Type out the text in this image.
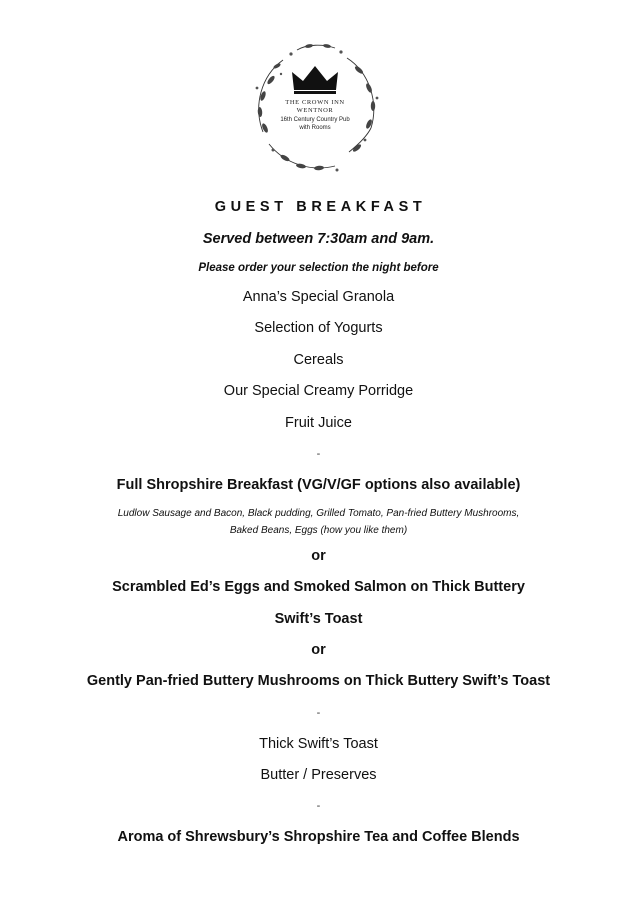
THE CROWN INN
WENTNOR
16th Century Country Pub
with Rooms
GUEST BREAKFAST
Served between 7:30am and 9am.
Please order your selection the night before
Anna’s Special Granola
Selection of Yogurts
Cereals
Our Special Creamy Porridge
Fruit Juice
-
Full Shropshire Breakfast (VG/V/GF options also available)
Ludlow Sausage and Bacon, Black pudding, Grilled Tomato, Pan-fried Buttery Mushrooms,
Baked Beans, Eggs (how you like them)
or
Scrambled Ed’s Eggs and Smoked Salmon on Thick Buttery
Swift’s Toast
or
Gently Pan-fried Buttery Mushrooms on Thick Buttery Swift’s Toast
-
Thick Swift’s Toast
Butter / Preserves
-
Aroma of Shrewsbury’s Shropshire Tea and Coffee Blends
